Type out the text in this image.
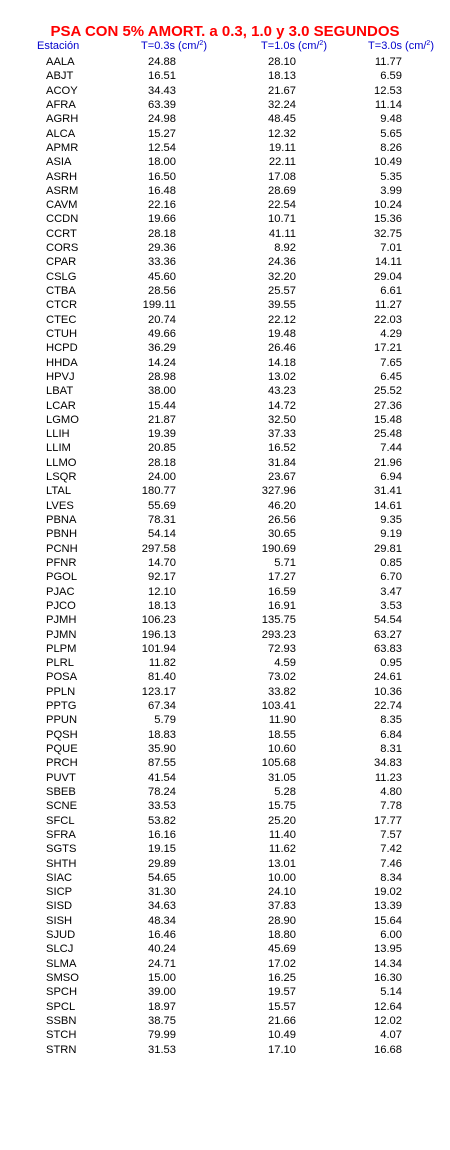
PSA CON 5% AMORT. a 0.3, 1.0 y 3.0 SEGUNDOS
Estación	T=0.3s (cm/$^2$)	T=1.0s (cm/$^2$)	T=3.0s (cm/$^2$)
AALA	24.88	28.10	11.77
ABJT	16.51	18.13	6.59
ACOY	34.43	21.67	12.53
AFRA	63.39	32.24	11.14
AGRH	24.98	48.45	9.48
ALCA	15.27	12.32	5.65
APMR	12.54	19.11	8.26
ASIA	18.00	22.11	10.49
ASRH	16.50	17.08	5.35
ASRM	16.48	28.69	3.99
CAVM	22.16	22.54	10.24
CCDN	19.66	10.71	15.36
CCRT	28.18	41.11	32.75
CORS	29.36	8.92	7.01
CPAR	33.36	24.36	14.11
CSLG	45.60	32.20	29.04
CTBA	28.56	25.57	6.61
CTCR	199.11	39.55	11.27
CTEC	20.74	22.12	22.03
CTUH	49.66	19.48	4.29
HCPD	36.29	26.46	17.21
HHDA	14.24	14.18	7.65
HPVJ	28.98	13.02	6.45
LBAT	38.00	43.23	25.52
LCAR	15.44	14.72	27.36
LGMO	21.87	32.50	15.48
LLIH	19.39	37.33	25.48
LLIM	20.85	16.52	7.44
LLMO	28.18	31.84	21.96
LSQR	24.00	23.67	6.94
LTAL	180.77	327.96	31.41
LVES	55.69	46.20	14.61
PBNA	78.31	26.56	9.35
PBNH	54.14	30.65	9.19
PCNH	297.58	190.69	29.81
PFNR	14.70	5.71	0.85
PGOL	92.17	17.27	6.70
PJAC	12.10	16.59	3.47
PJCO	18.13	16.91	3.53
PJMH	106.23	135.75	54.54
PJMN	196.13	293.23	63.27
PLPM	101.94	72.93	63.83
PLRL	11.82	4.59	0.95
POSA	81.40	73.02	24.61
PPLN	123.17	33.82	10.36
PPTG	67.34	103.41	22.74
PPUN	5.79	11.90	8.35
PQSH	18.83	18.55	6.84
PQUE	35.90	10.60	8.31
PRCH	87.55	105.68	34.83
PUVT	41.54	31.05	11.23
SBEB	78.24	5.28	4.80
SCNE	33.53	15.75	7.78
SFCL	53.82	25.20	17.77
SFRA	16.16	11.40	7.57
SGTS	19.15	11.62	7.42
SHTH	29.89	13.01	7.46
SIAC	54.65	10.00	8.34
SICP	31.30	24.10	19.02
SISD	34.63	37.83	13.39
SISH	48.34	28.90	15.64
SJUD	16.46	18.80	6.00
SLCJ	40.24	45.69	13.95
SLMA	24.71	17.02	14.34
SMSO	15.00	16.25	16.30
SPCH	39.00	19.57	5.14
SPCL	18.97	15.57	12.64
SSBN	38.75	21.66	12.02
STCH	79.99	10.49	4.07
STRN	31.53	17.10	16.68
